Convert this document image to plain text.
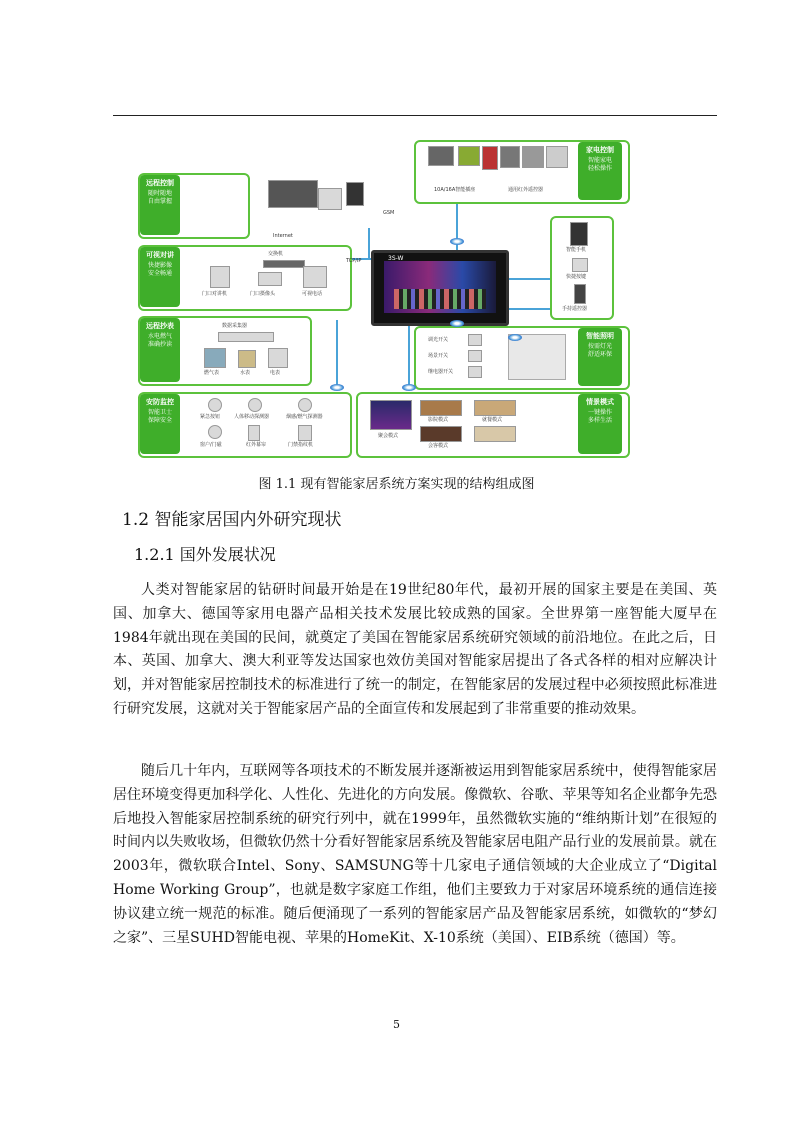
远程控制
随时随地
自由掌握
Internet
GSM
可视对讲
快捷影像
安全畅通
交换机
门口对讲机	门口摄像头	可视电话
TCP/IP
远程抄表
水电燃气
准确抄读
数据采集器
燃气表	水表	电表
安防监控
智能卫士
保障安全	紧急按钮	人体移动探测器	烟感/燃气探测器
窗户/门磁	红外幕帘	门禁指纹机
家电控制
智能家电
轻松操作
10A/16A智能插座	通用红外遥控器
智能手机
快捷按键
手持遥控器
智能照明
按需灯光
舒适环保
调光开关
场景开关
继电器开关
情景模式
一键操作
多样生活
聚会模式
影院模式	就餐模式
会客模式
3S-W
图 1.1 现有智能家居系统方案实现的结构组成图
1.2 智能家居国内外研究现状
1.2.1 国外发展状况

人类对智能家居的钻研时间最开始是在19世纪80年代，最初开展的国家主要是在美国、英国、加拿大、德国等家用电器产品相关技术发展比较成熟的国家。全世界第一座智能大厦早在1984年就出现在美国的民间，就奠定了美国在智能家居系统研究领域的前沿地位。在此之后，日本、英国、加拿大、澳大利亚等发达国家也效仿美国对智能家居提出了各式各样的相对应解决计划，并对智能家居控制技术的标准进行了统一的制定，在智能家居的发展过程中必须按照此标准进行研究发展，这就对关于智能家居产品的全面宣传和发展起到了非常重要的推动效果。

随后几十年内，互联网等各项技术的不断发展并逐渐被运用到智能家居系统中，使得智能家居居住环境变得更加科学化、人性化、先进化的方向发展。像微软、谷歌、苹果等知名企业都争先恐后地投入智能家居控制系统的研究行列中，就在1999年，虽然微软实施的“维纳斯计划”在很短的时间内以失败收场，但微软仍然十分看好智能家居系统及智能家居电阻产品行业的发展前景。就在2003年，微软联合Intel、Sony、SAMSUNG等十几家电子通信领域的大企业成立了“Digital Home Working Group”，也就是数字家庭工作组，他们主要致力于对家居环境系统的通信连接协议建立统一规范的标准。随后便涌现了一系列的智能家居产品及智能家居系统，如微软的“梦幻之家”、三星SUHD智能电视、苹果的HomeKit、X-10系统（美国）、EIB系统（德国）等。

5
